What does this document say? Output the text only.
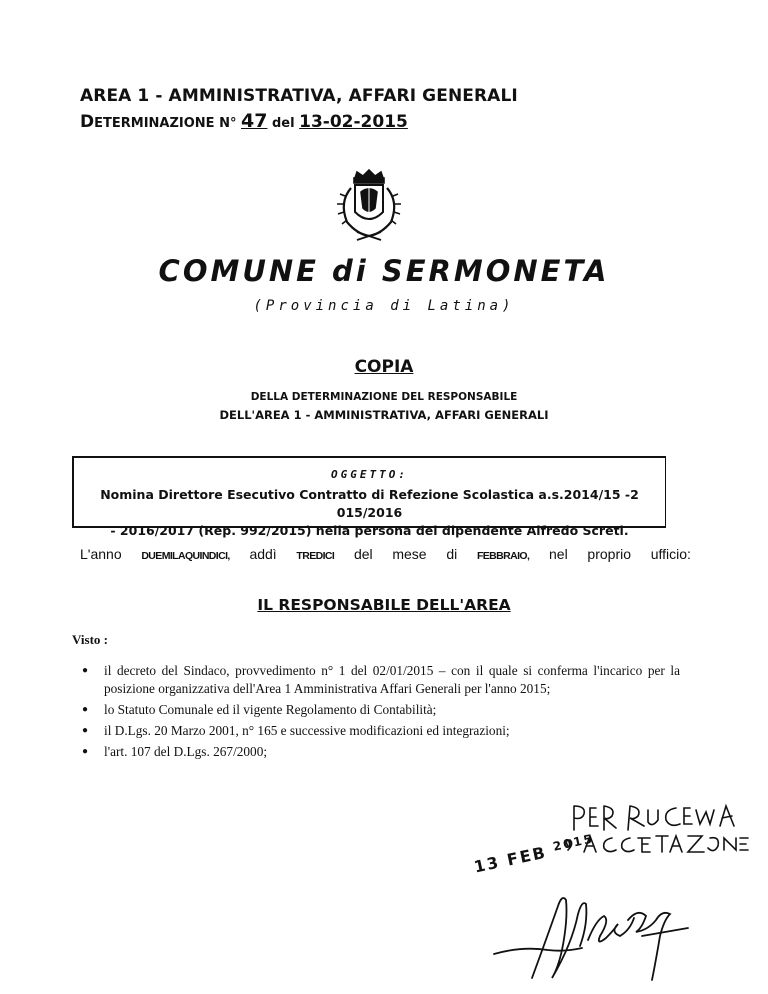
AREA 1 - AMMINISTRATIVA, AFFARI GENERALI
DETERMINAZIONE N° 47 del 13-02-2015
COMUNE di SERMONETA
(Provincia di Latina)
COPIA
DELLA DETERMINAZIONE DEL RESPONSABILE
DELL'AREA 1 - AMMINISTRATIVA, AFFARI GENERALI
OGGETTO:
Nomina Direttore Esecutivo Contratto di Refezione Scolastica a.s.2014/15 -2 015/2016
- 2016/2017 (Rep. 992/2015) nella persona del dipendente Alfredo Screti.
L'anno DUEMILAQUINDICI, addì TREDICI del mese di FEBBRAIO, nel proprio ufficio:
IL RESPONSABILE DELL'AREA
Visto :
● il decreto del Sindaco, provvedimento n° 1 del 02/01/2015 – con il quale si conferma l'incarico per la posizione organizzativa dell'Area 1 Amministrativa Affari Generali per l'anno 2015;
● lo Statuto Comunale ed il vigente Regolamento di Contabilità;
● il D.Lgs. 20 Marzo 2001, n° 165 e successive modificazioni ed integrazioni;
● l'art. 107 del D.Lgs. 267/2000;
13 FEB $^{2015}$
